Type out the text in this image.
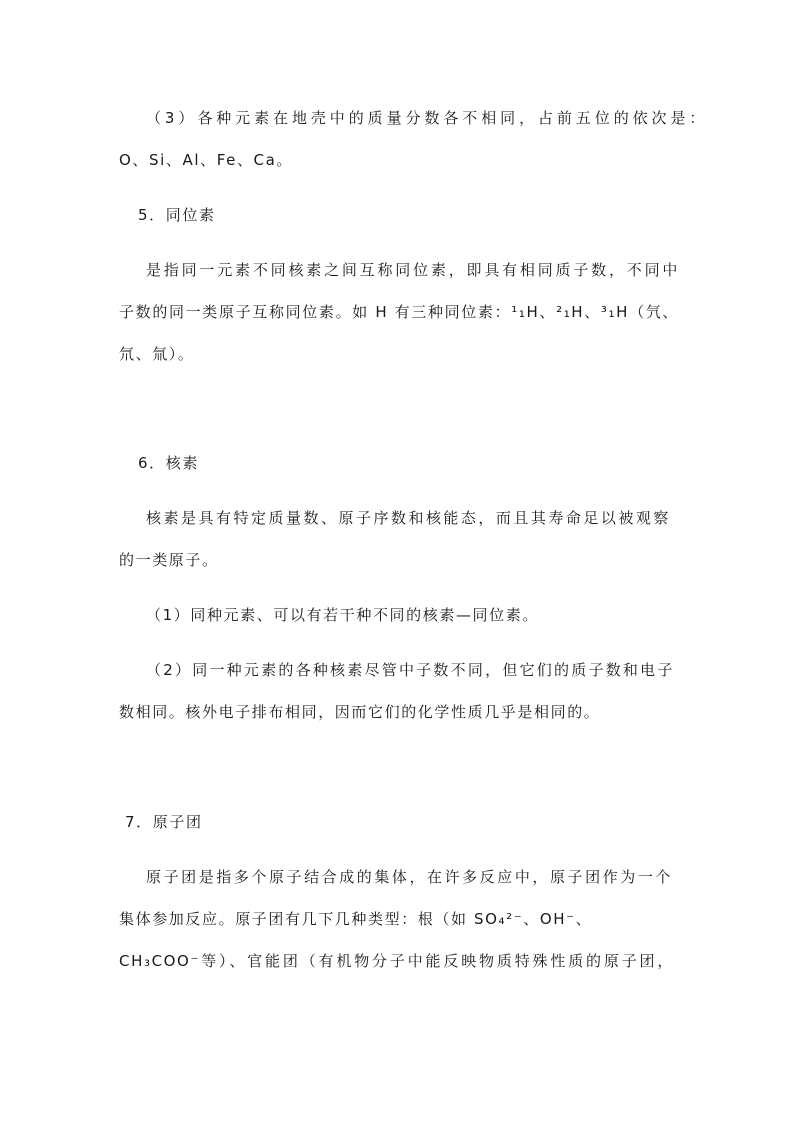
（3）各种元素在地壳中的质量分数各不相同，占前五位的依次是：
O、Si、Al、Fe、Ca。
5．同位素
是指同一元素不同核素之间互称同位素，即具有相同质子数，不同中
子数的同一类原子互称同位素。如 H 有三种同位素：¹₁H、²₁H、³₁H（氕、
氘、氚）。
6．核素
核素是具有特定质量数、原子序数和核能态，而且其寿命足以被观察
的一类原子。
（1）同种元素、可以有若干种不同的核素—同位素。
（2）同一种元素的各种核素尽管中子数不同，但它们的质子数和电子
数相同。核外电子排布相同，因而它们的化学性质几乎是相同的。
7．原子团
原子团是指多个原子结合成的集体，在许多反应中，原子团作为一个
集体参加反应。原子团有几下几种类型：根（如 SO₄²⁻、OH⁻、
CH₃COO⁻等）、官能团（有机物分子中能反映物质特殊性质的原子团，
